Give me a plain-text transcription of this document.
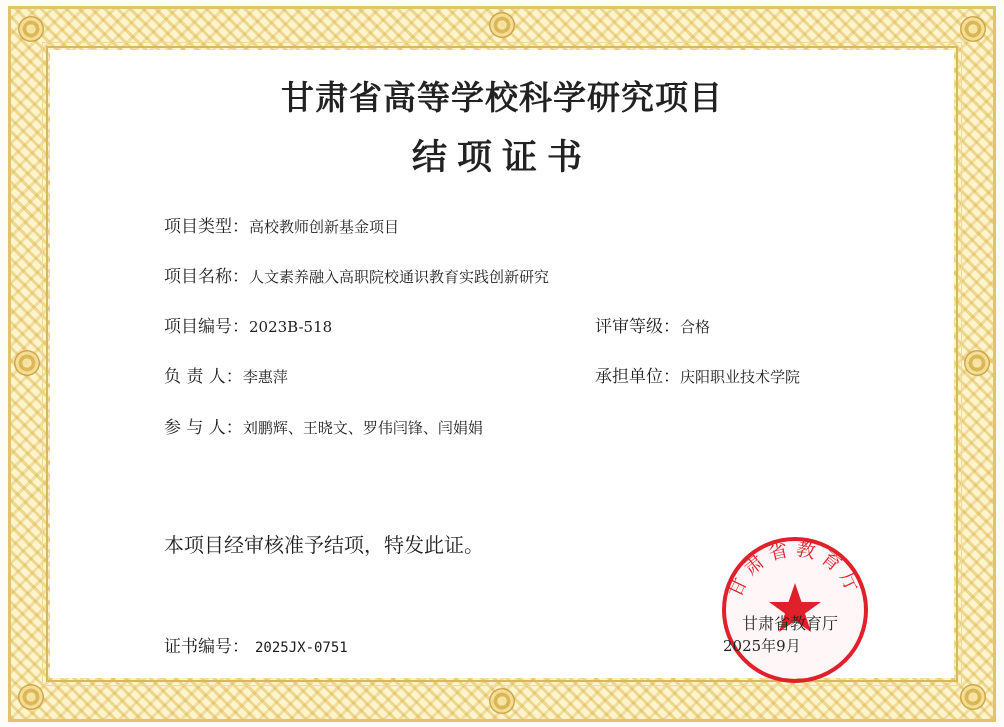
甘肃省高等学校科学研究项目
结项证书
项目类型：高校教师创新基金项目
项目名称：人文素养融入高职院校通识教育实践创新研究
项目编号：2023B-518	评审等级：合格
负 责 人：李惠萍	承担单位：庆阳职业技术学院
参 与 人：刘鹏辉、王晓文、罗伟闫锋、闫娟娟
本项目经审核准予结项，特发此证。
证书编号： 2025JX-0751
甘肃省教育厅
甘肃省教育厅
2025年9月
